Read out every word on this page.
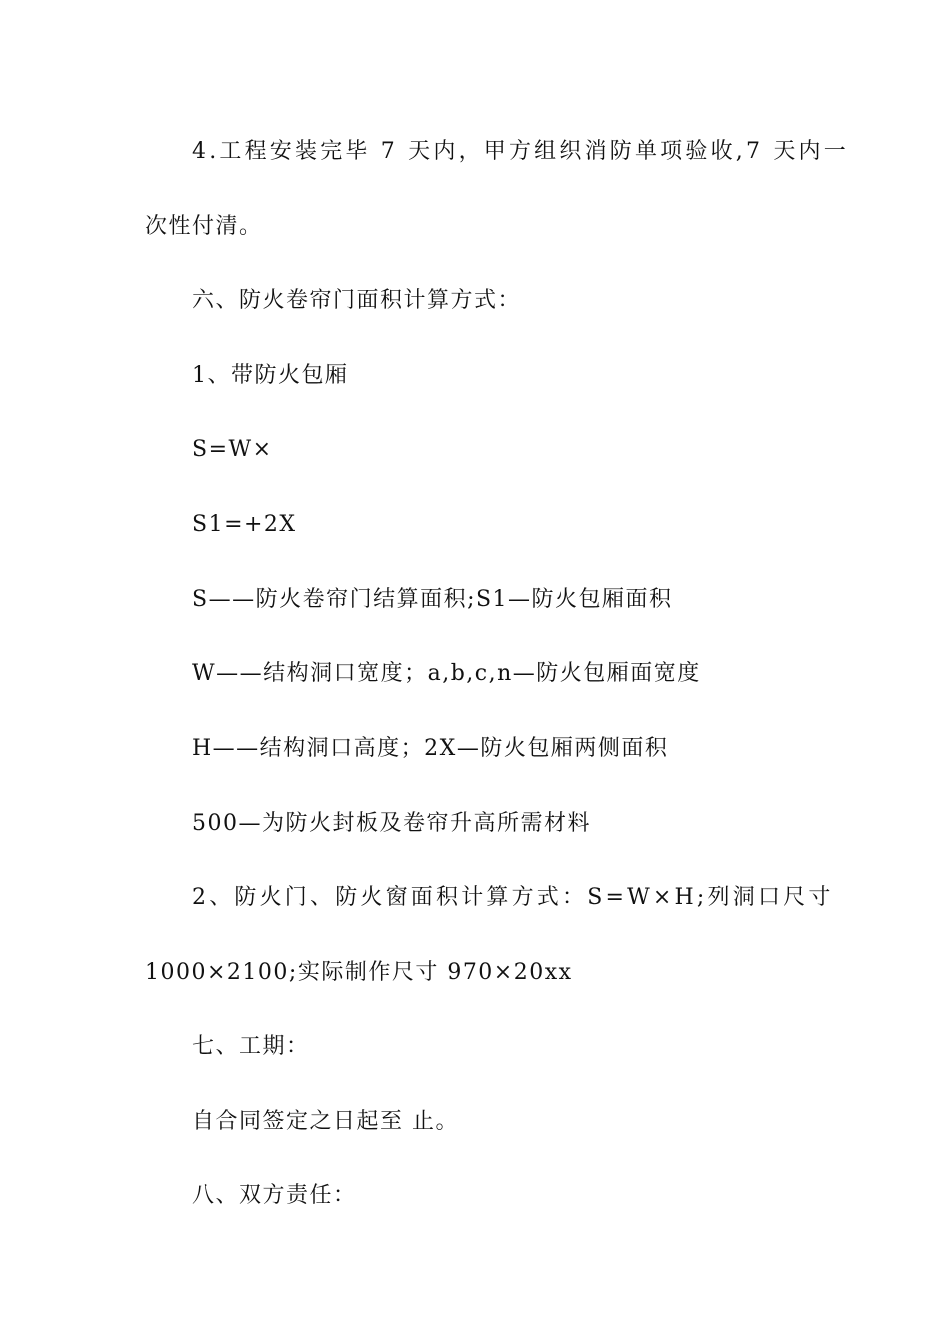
4.工程安装完毕 7 天内，甲方组织消防单项验收,7 天内一
次性付清。
六、防火卷帘门面积计算方式：
1、带防火包厢
S=W×
S1=+2X
S——防火卷帘门结算面积;S1—防火包厢面积
W——结构洞口宽度；a,b,c,n—防火包厢面宽度
H——结构洞口高度；2X—防火包厢两侧面积
500—为防火封板及卷帘升高所需材料
2、防火门、防火窗面积计算方式：S=W×H;列洞口尺寸
1000×2100;实际制作尺寸 970×20xx
七、工期：
自合同签定之日起至 止。
八、双方责任：
